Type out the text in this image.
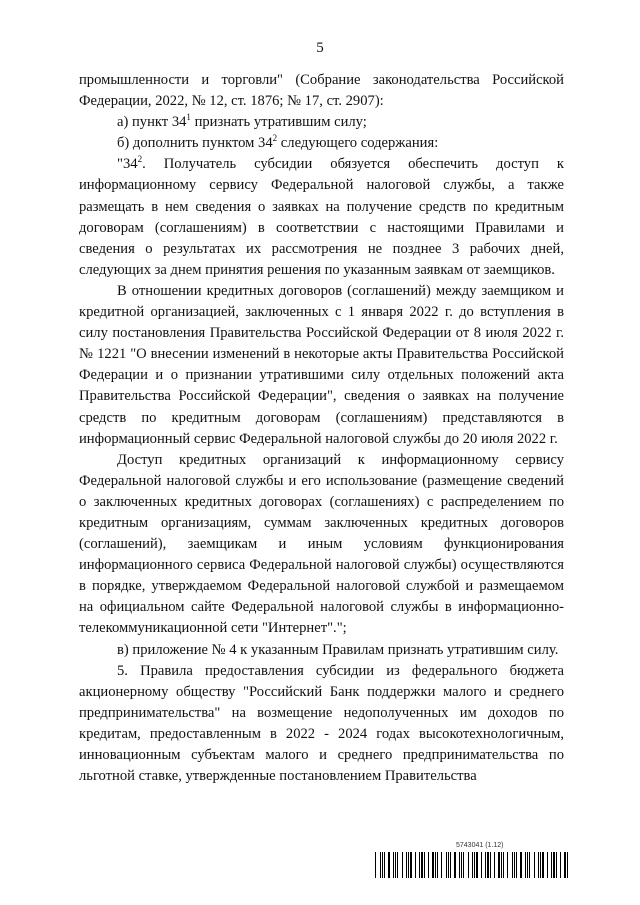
5

промышленности и торговли" (Собрание законодательства Российской Федерации, 2022, № 12, ст. 1876; № 17, ст. 2907):

а) пункт $34^1$ признать утратившим силу;

б) дополнить пунктом $34^2$ следующего содержания:

"$34^2$. Получатель субсидии обязуется обеспечить доступ к информационному сервису Федеральной налоговой службы, а также размещать в нем сведения о заявках на получение средств по кредитным договорам (соглашениям) в соответствии с настоящими Правилами и сведения о результатах их рассмотрения не позднее 3 рабочих дней, следующих за днем принятия решения по указанным заявкам от заемщиков.

В отношении кредитных договоров (соглашений) между заемщиком и кредитной организацией, заключенных с 1 января 2022 г. до вступления в силу постановления Правительства Российской Федерации от 8 июля 2022 г. № 1221 "О внесении изменений в некоторые акты Правительства Российской Федерации и о признании утратившими силу отдельных положений акта Правительства Российской Федерации", сведения о заявках на получение средств по кредитным договорам (соглашениям) представляются в информационный сервис Федеральной налоговой службы до 20 июля 2022 г.

Доступ кредитных организаций к информационному сервису Федеральной налоговой службы и его использование (размещение сведений о заключенных кредитных договорах (соглашениях) с распределением по кредитным организациям, суммам заключенных кредитных договоров (соглашений), заемщикам и иным условиям функционирования информационного сервиса Федеральной налоговой службы) осуществляются в порядке, утверждаемом Федеральной налоговой службой и размещаемом на официальном сайте Федеральной налоговой службы в информационно-телекоммуникационной сети "Интернет".";

в) приложение № 4 к указанным Правилам признать утратившим силу.

5. Правила предоставления субсидии из федерального бюджета акционерному обществу "Российский Банк поддержки малого и среднего предпринимательства" на возмещение недополученных им доходов по кредитам, предоставленным в 2022 - 2024 годах высокотехнологичным, инновационным субъектам малого и среднего предпринимательства по льготной ставке, утвержденные постановлением Правительства

5743041 (1.12)
